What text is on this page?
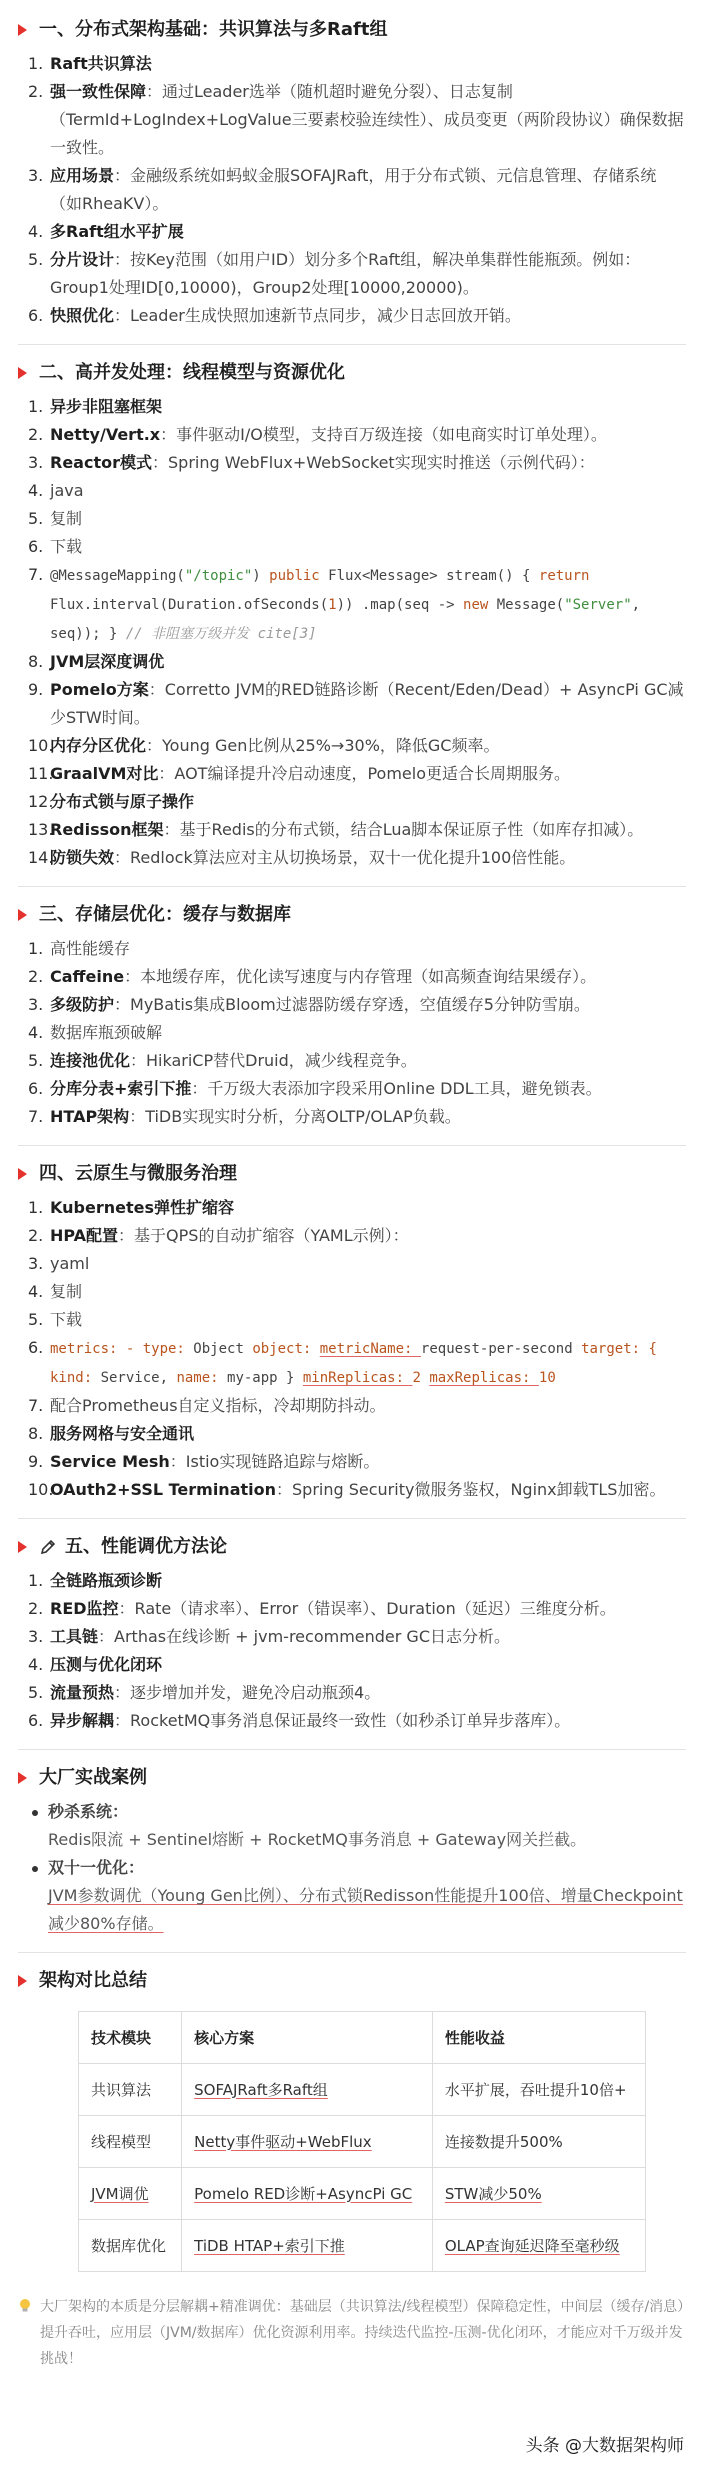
一、分布式架构基础：共识算法与多Raft组
1. Raft共识算法
2. 强一致性保障：通过Leader选举（随机超时避免分裂）、日志复制（TermId+LogIndex+LogValue三要素校验连续性）、成员变更（两阶段协议）确保数据一致性。
3. 应用场景：金融级系统如蚂蚁金服SOFAJRaft，用于分布式锁、元信息管理、存储系统（如RheaKV）。
4. 多Raft组水平扩展
5. 分片设计：按Key范围（如用户ID）划分多个Raft组，解决单集群性能瓶颈。例如：Group1处理ID[0,10000)，Group2处理[10000,20000)。
6. 快照优化：Leader生成快照加速新节点同步，减少日志回放开销。
二、高并发处理：线程模型与资源优化
1. 异步非阻塞框架
2. Netty/Vert.x：事件驱动I/O模型，支持百万级连接（如电商实时订单处理）。
3. Reactor模式：Spring WebFlux+WebSocket实现实时推送（示例代码）：
4. java
5. 复制
6. 下载
7. @MessageMapping("/topic") public Flux<Message> stream() { return Flux.interval(Duration.ofSeconds(1)) .map(seq -> new Message("Server", seq)); } // 非阻塞万级并发 cite[3]
8. JVM层深度调优
9. Pomelo方案：Corretto JVM的RED链路诊断（Recent/Eden/Dead）+ AsyncPi GC减少STW时间。
10.
内存分区优化：Young Gen比例从25%→30%，降低GC频率。
11.
GraalVM对比：AOT编译提升冷启动速度，Pomelo更适合长周期服务。
12.
分布式锁与原子操作
13.
Redisson框架：基于Redis的分布式锁，结合Lua脚本保证原子性（如库存扣减）。
14.
防锁失效：Redlock算法应对主从切换场景，双十一优化提升100倍性能。
三、存储层优化：缓存与数据库
1. 高性能缓存
2. Caffeine：本地缓存库，优化读写速度与内存管理（如高频查询结果缓存）。
3. 多级防护：MyBatis集成Bloom过滤器防缓存穿透，空值缓存5分钟防雪崩。
4. 数据库瓶颈破解
5. 连接池优化：HikariCP替代Druid，减少线程竞争。
6. 分库分表+索引下推：千万级大表添加字段采用Online DDL工具，避免锁表。
7. HTAP架构：TiDB实现实时分析，分离OLTP/OLAP负载。
四、云原生与微服务治理
1. Kubernetes弹性扩缩容
2. HPA配置：基于QPS的自动扩缩容（YAML示例）：
3. yaml
4. 复制
5. 下载
6. metrics: - type: Object object: metricName: request-per-second target: { kind: Service, name: my-app } minReplicas: 2 maxReplicas: 10
7. 配合Prometheus自定义指标，冷却期防抖动。
8. 服务网格与安全通讯
9. Service Mesh：Istio实现链路追踪与熔断。
10.
OAuth2+SSL Termination：Spring Security微服务鉴权，Nginx卸载TLS加密。
五、性能调优方法论
1. 全链路瓶颈诊断
2. RED监控：Rate（请求率）、Error（错误率）、Duration（延迟）三维度分析。
3. 工具链：Arthas在线诊断 + jvm-recommender GC日志分析。
4. 压测与优化闭环
5. 流量预热：逐步增加并发，避免冷启动瓶颈4。
6. 异步解耦：RocketMQ事务消息保证最终一致性（如秒杀订单异步落库）。
大厂实战案例
秒杀系统：
Redis限流 + Sentinel熔断 + RocketMQ事务消息 + Gateway网关拦截。
双十一优化：
JVM参数调优（Young Gen比例）、分布式锁Redisson性能提升100倍、增量Checkpoint减少80%存储。
架构对比总结
技术模块	核心方案	性能收益
共识算法	SOFAJRaft多Raft组	水平扩展，吞吐提升10倍+
线程模型	Netty事件驱动+WebFlux	连接数提升500%
JVM调优	Pomelo RED诊断+AsyncPi GC	STW减少50%
数据库优化	TiDB HTAP+索引下推	OLAP查询延迟降至毫秒级
大厂架构的本质是分层解耦+精准调优：基础层（共识算法/线程模型）保障稳定性，中间层（缓存/消息）提升吞吐，应用层（JVM/数据库）优化资源利用率。持续迭代监控-压测-优化闭环，才能应对千万级并发挑战！
头条 @大数据架构师
